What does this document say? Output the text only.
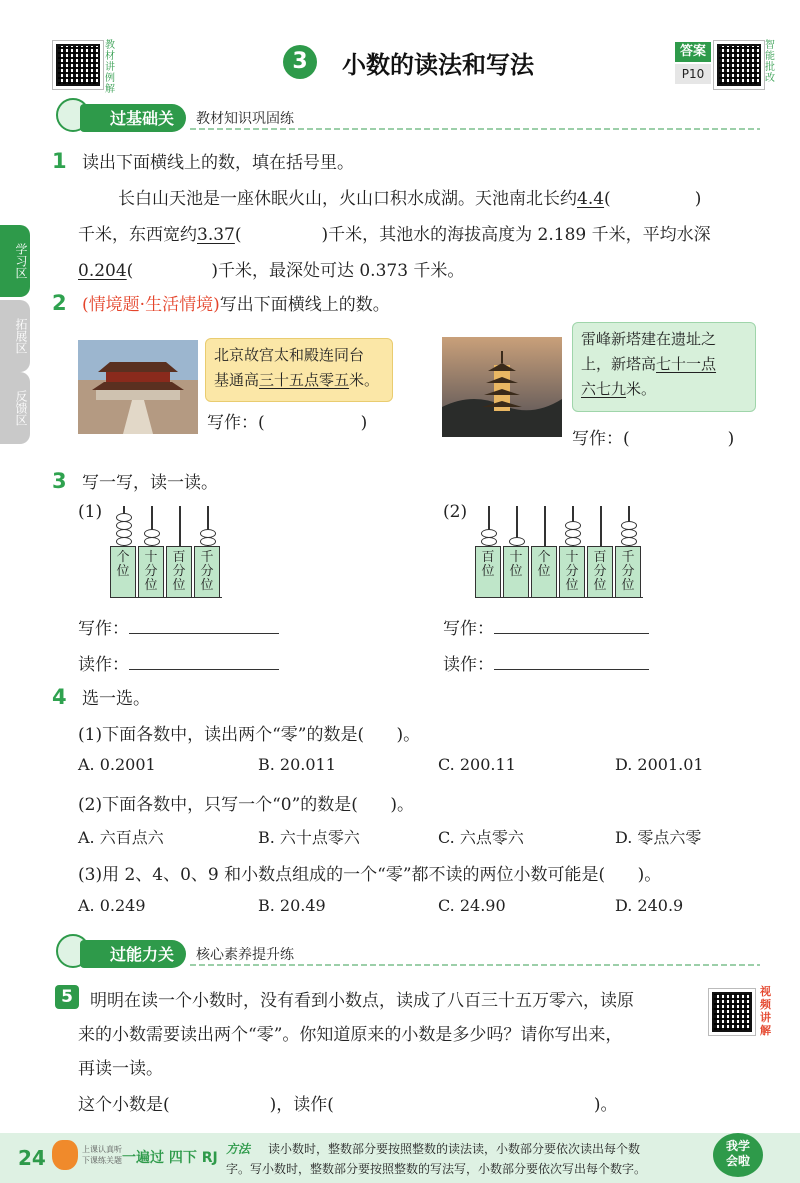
教材讲例解
3	小数的读法和写法	答案
P10
智能批改
学习区
拓展区
反馈区
过基础关	教材知识巩固练
1 读出下面横线上的数，填在括号里。
长白山天池是一座休眠火山，火山口积水成湖。天池南北长约4.4(	)
千米，东西宽约3.37(	)千米，其池水的海拔高度为 2.189 千米，平均水深
0.204(	)千米，最深处可达 0.373 千米。
2 (情境题·生活情境)写出下面横线上的数。
北京故宫太和殿连同台
基通高三十五点零五米。
写作：(	)
雷峰新塔建在遗址之
上，新塔高七十一点
六七九米。
写作：(	)
3 写一写，读一读。
(1)	(2)
个
位
十
分
位
百
分
位
千
分
位
百
位
十
位
个
位
十
分
位
百
分
位
千
分
位
写作：
读作：
写作：
读作：
4 选一选。
(1)下面各数中，读出两个“零”的数是(      )。
A. 0.2001	B. 20.011	C. 200.11	D. 2001.01
(2)下面各数中，只写一个“0”的数是(      )。
A. 六百点六	B. 六十点零六	C. 六点零六	D. 零点六零
(3)用 2、4、0、9 和小数点组成的一个“零”都不读的两位小数可能是(      )。
A. 0.249	B. 20.49	C. 24.90	D. 240.9
过能力关	核心素养提升练
5	明明在读一个小数时，没有看到小数点，读成了八百三十五万零六，读原
来的小数需要读出两个“零”。你知道原来的小数是多少吗？请你写出来，
再读一读。
这个小数是(	)，读作(	)。
视频讲解
24	上课认真听
下课练关题 一遍过 四下 RJ
方法 读小数时，整数部分要按照整数的读法读，小数部分要依次读出每个数
字。写小数时，整数部分要按照整数的写法写，小数部分要依次写出每个数字。
我学会啦
